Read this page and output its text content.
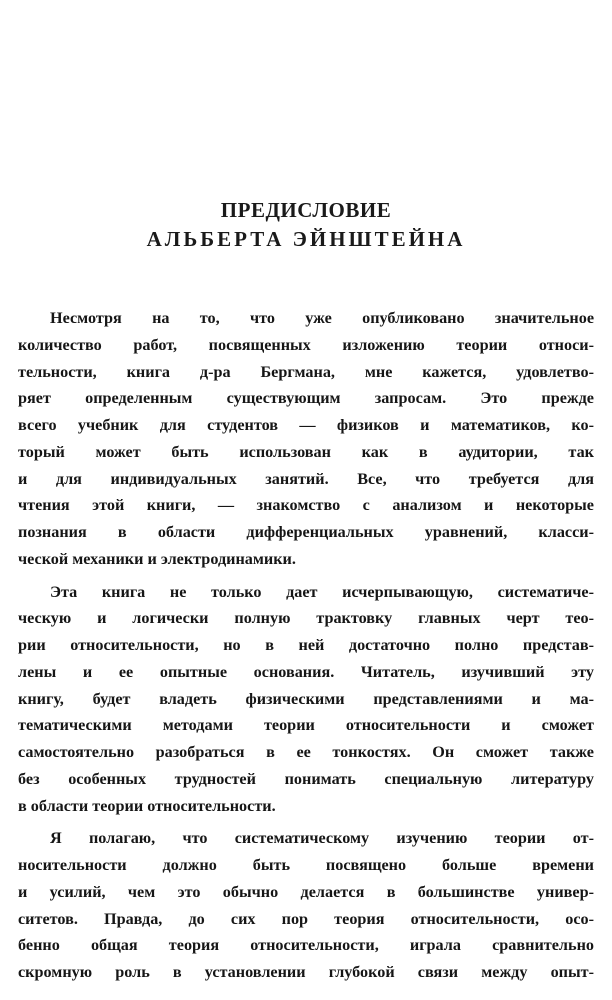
ПРЕДИСЛОВИЕ
АЛЬБЕРТА ЭЙНШТЕЙНА
Несмотря на то, что уже опубликовано значительное
количество работ, посвященных изложению теории относи-
тельности, книга д-ра Бергмана, мне кажется, удовлетво-
ряет определенным существующим запросам. Это прежде
всего учебник для студентов — физиков и математиков, ко-
торый может быть использован как в аудитории, так
и для индивидуальных занятий. Все, что требуется для
чтения этой книги, — знакомство с анализом и некоторые
познания в области дифференциальных уравнений, класси-
ческой механики и электродинамики.
Эта книга не только дает исчерпывающую, систематиче-
ческую и логически полную трактовку главных черт тео-
рии относительности, но в ней достаточно полно представ-
лены и ее опытные основания. Читатель, изучивший эту
книгу, будет владеть физическими представлениями и ма-
тематическими методами теории относительности и сможет
самостоятельно разобраться в ее тонкостях. Он сможет также
без особенных трудностей понимать специальную литературу
в области теории относительности.
Я полагаю, что систематическому изучению теории от-
носительности должно быть посвящено больше времени
и усилий, чем это обычно делается в большинстве универ-
ситетов. Правда, до сих пор теория относительности, осо-
бенно общая теория относительности, играла сравнительно
скромную роль в установлении глубокой связи между опыт-
